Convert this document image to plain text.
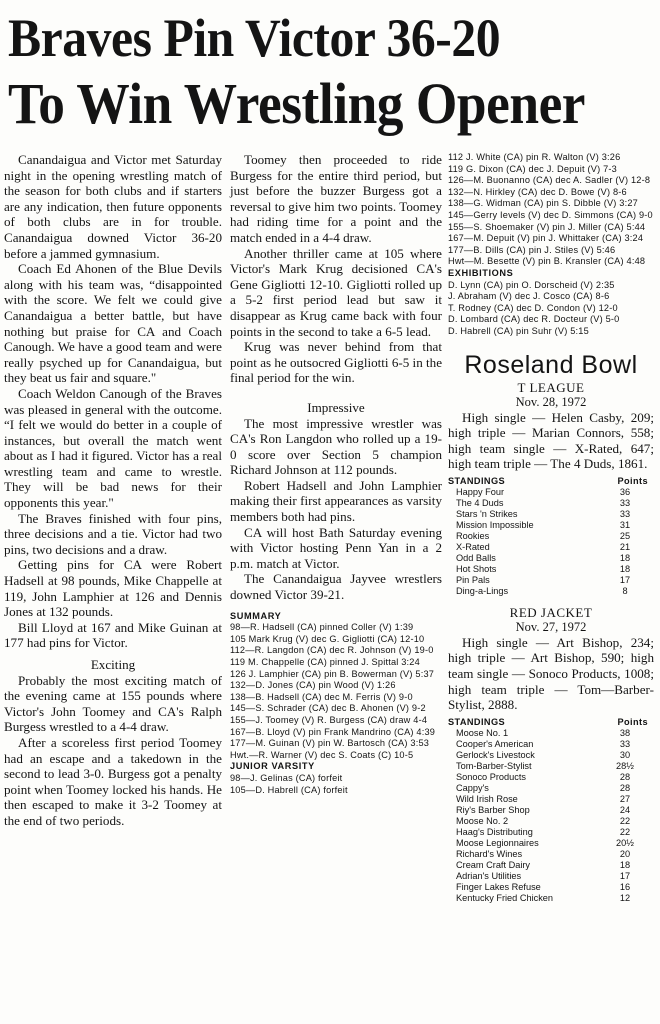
Braves Pin Victor 36-20
To Win Wrestling Opener

Canandaigua and Victor met Saturday night in the opening wrestling match of the season for both clubs and if starters are any indication, then future opponents of both clubs are in for trouble. Canandaigua downed Victor 36-20 before a jammed gymnasium.

Coach Ed Ahonen of the Blue Devils along with his team was, “disappointed with the score. We felt we could give Canandaigua a better battle, but have nothing but praise for CA and Coach Canough. We have a good team and were really psyched up for Canandaigua, but they beat us fair and square."

Coach Weldon Canough of the Braves was pleased in general with the outcome. “I felt we would do better in a couple of instances, but overall the match went about as I had it figured. Victor has a real wrestling team and came to wrestle. They will be bad news for their opponents this year."

The Braves finished with four pins, three decisions and a tie. Victor had two pins, two decisions and a draw.

Getting pins for CA were Robert Hadsell at 98 pounds, Mike Chappelle at 119, John Lamphier at 126 and Dennis Jones at 132 pounds.

Bill Lloyd at 167 and Mike Guinan at 177 had pins for Victor.

Exciting

Probably the most exciting match of the evening came at 155 pounds where Victor's John Toomey and CA's Ralph Burgess wrestled to a 4-4 draw.

After a scoreless first period Toomey had an escape and a takedown in the second to lead 3-0. Burgess got a penalty point when Toomey locked his hands. He then escaped to make it 3-2 Toomey at the end of two periods.

Toomey then proceeded to ride Burgess for the entire third period, but just before the buzzer Burgess got a reversal to give him two points. Toomey had riding time for a point and the match ended in a 4-4 draw.

Another thriller came at 105 where Victor's Mark Krug decisioned CA's Gene Gigliotti 12-10. Gigliotti rolled up a 5-2 first period lead but saw it disappear as Krug came back with four points in the second to take a 6-5 lead.

Krug was never behind from that point as he outsocred Gigliotti 6-5 in the final period for the win.

Impressive

The most impressive wrestler was CA's Ron Langdon who rolled up a 19-0 score over Section 5 champion Richard Johnson at 112 pounds.

Robert Hadsell and John Lamphier making their first appearances as varsity members both had pins.

CA will host Bath Saturday evening with Victor hosting Penn Yan in a 2 p.m. match at Victor.

The Canandaigua Jayvee wrestlers downed Victor 39-21.

SUMMARY

98—R. Hadsell (CA) pinned Coller (V) 1:39

105 Mark Krug (V) dec G. Gigliotti (CA) 12-10

112—R. Langdon (CA) dec R. Johnson (V) 19-0

119 M. Chappelle (CA) pinned J. Spittal 3:24

126 J. Lamphier (CA) pin B. Bowerman (V) 5:37

132—D. Jones (CA) pin Wood (V) 1:26

138—B. Hadsell (CA) dec M. Ferris (V) 9-0

145—S. Schrader (CA) dec B. Ahonen (V) 9-2

155—J. Toomey (V) R. Burgess (CA) draw 4-4

167—B. Lloyd (V) pin Frank Mandrino (CA) 4:39

177—M. Guinan (V) pin W. Bartosch (CA) 3:53

Hwt.—R. Warner (V) dec S. Coats (C) 10-5

JUNIOR VARSITY

98—J. Gelinas (CA) forfeit

105—D. Habrell (CA) forfeit

112 J. White (CA) pin R. Walton (V) 3:26

119 G. Dixon (CA) dec J. Depuit (V) 7-3

126—M. Buonanno (CA) dec A. Sadler (V) 12-8

132—N. Hirkley (CA) dec D. Bowe (V) 8-6

138—G. Widman (CA) pin S. Dibble (V) 3:27

145—Gerry Ievels (V) dec D. Simmons (CA) 9-0

155—S. Shoemaker (V) pin J. Miller (CA) 5:44

167—M. Depuit (V) pin J. Whittaker (CA) 3:24

177—B. Dills (CA) pin J. Stiles (V) 5:46

Hwt—M. Besette (V) pin B. Kransler (CA) 4:48

EXHIBITIONS

D. Lynn (CA) pin O. Dorscheid (V) 2:35

J. Abraham (V) dec J. Cosco (CA) 8-6

T. Rodney (CA) dec D. Condon (V) 12-0

D. Lombard (CA) dec R. Docteur (V) 5-0

D. Habrell (CA) pin Suhr (V) 5:15

Roseland Bowl
T LEAGUE
Nov. 28, 1972

High single — Helen Casby, 209; high triple — Marian Connors, 558; high team single — X-Rated, 647; high team triple — The 4 Duds, 1861.

STANDINGS	Points
Happy Four	36
The 4 Duds	33
Stars 'n Strikes	33
Mission Impossible	31
Rookies	25
X-Rated	21
Odd Balls	18
Hot Shots	18
Pin Pals	17
Ding-a-Lings	8
RED JACKET
Nov. 27, 1972

High single — Art Bishop, 234; high triple — Art Bishop, 590; high team single — Sonoco Products, 1008; high team triple — Tom—Barber-Stylist, 2888.

STANDINGS	Points
Moose No. 1	38
Cooper's American	33
Gerlock's Livestock	30
Tom-Barber-Stylist	28½
Sonoco Products	28
Cappy's	28
Wild Irish Rose	27
Riy's Barber Shop	24
Moose No. 2	22
Haag's Distributing	22
Moose Legionnaires	20½
Richard's Wines	20
Cream Craft Dairy	18
Adrian's Utilities	17
Finger Lakes Refuse	16
Kentucky Fried Chicken	12
